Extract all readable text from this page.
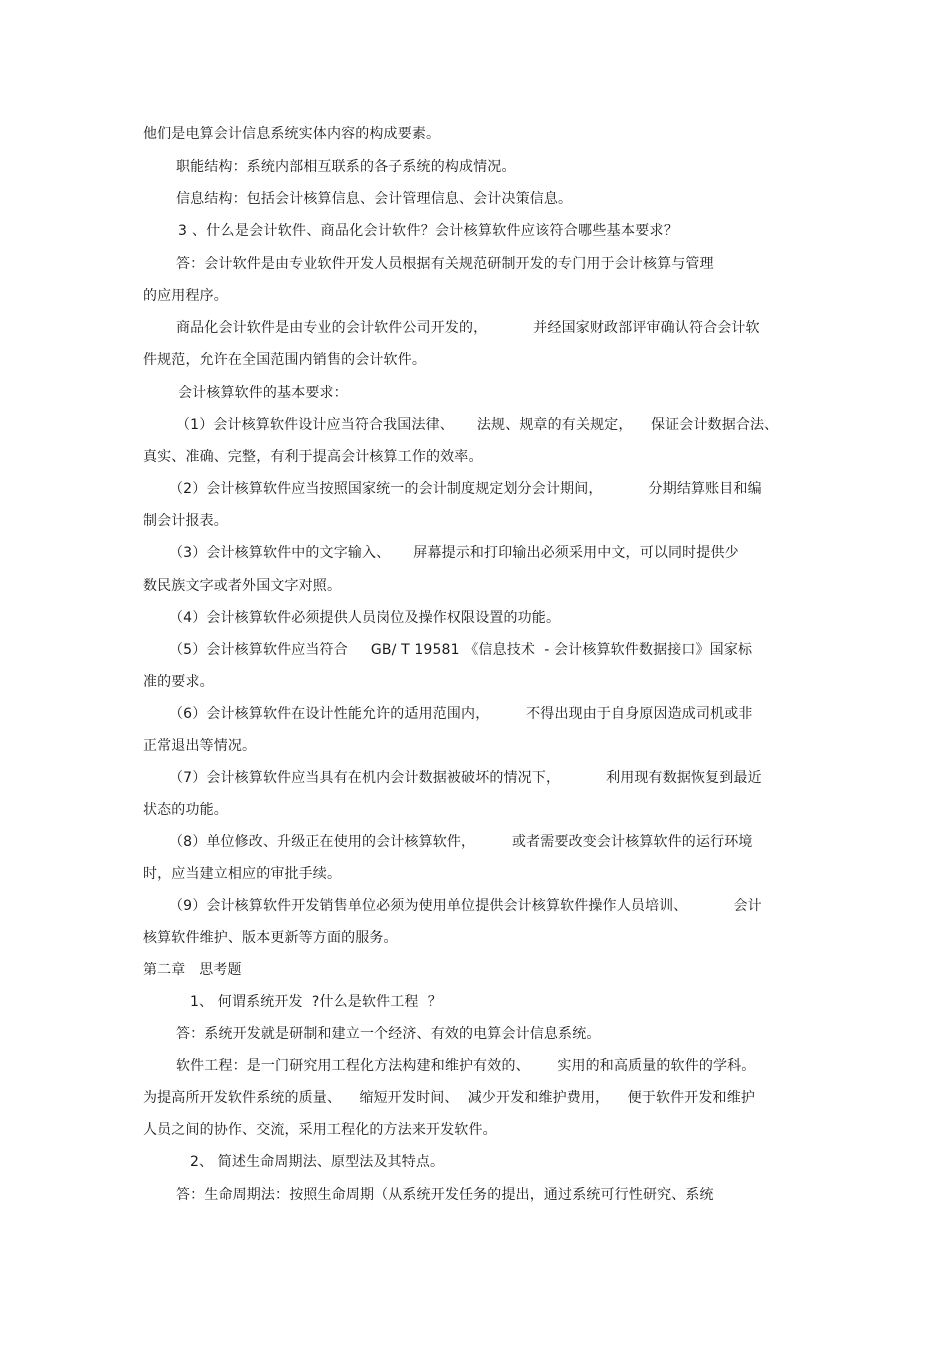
他们是电算会计信息系统实体内容的构成要素。
职能结构：系统内部相互联系的各子系统的构成情况。
信息结构：包括会计核算信息、会计管理信息、会计决策信息。
3 、什么是会计软件、商品化会计软件？会计核算软件应该符合哪些基本要求？
答：会计软件是由专业软件开发人员根据有关规范研制开发的专门用于会计核算与管理
的应用程序。
商品化会计软件是由专业的会计软件公司开发的，          并经国家财政部评审确认符合会计软
件规范，允许在全国范围内销售的会计软件。
会计核算软件的基本要求：
（1）会计核算软件设计应当符合我国法律、     法规、规章的有关规定，    保证会计数据合法、
真实、准确、完整，有利于提高会计核算工作的效率。
（2）会计核算软件应当按照国家统一的会计制度规定划分会计期间，          分期结算账目和编
制会计报表。
（3）会计核算软件中的文字输入、     屏幕提示和打印输出必须采用中文，可以同时提供少
数民族文字或者外国文字对照。
（4）会计核算软件必须提供人员岗位及操作权限设置的功能。
（5）会计核算软件应当符合     GB∕ T 19581 《信息技术  - 会计核算软件数据接口》国家标
准的要求。
（6）会计核算软件在设计性能允许的适用范围内，        不得出现由于自身原因造成司机或非
正常退出等情况。
（7）会计核算软件应当具有在机内会计数据被破坏的情况下，          利用现有数据恢复到最近
状态的功能。
（8）单位修改、升级正在使用的会计核算软件，        或者需要改变会计核算软件的运行环境
时，应当建立相应的审批手续。
（9）会计核算软件开发销售单位必须为使用单位提供会计核算软件操作人员培训、          会计
核算软件维护、版本更新等方面的服务。
第二章   思考题
1、 何谓系统开发  ?什么是软件工程  ？
答：系统开发就是研制和建立一个经济、有效的电算会计信息系统。
软件工程：是一门研究用工程化方法构建和维护有效的、      实用的和高质量的软件的学科。
为提高所开发软件系统的质量、    缩短开发时间、  减少开发和维护费用，    便于软件开发和维护
人员之间的协作、交流，采用工程化的方法来开发软件。
2、 简述生命周期法、原型法及其特点。
答：生命周期法：按照生命周期（从系统开发任务的提出，通过系统可行性研究、系统
